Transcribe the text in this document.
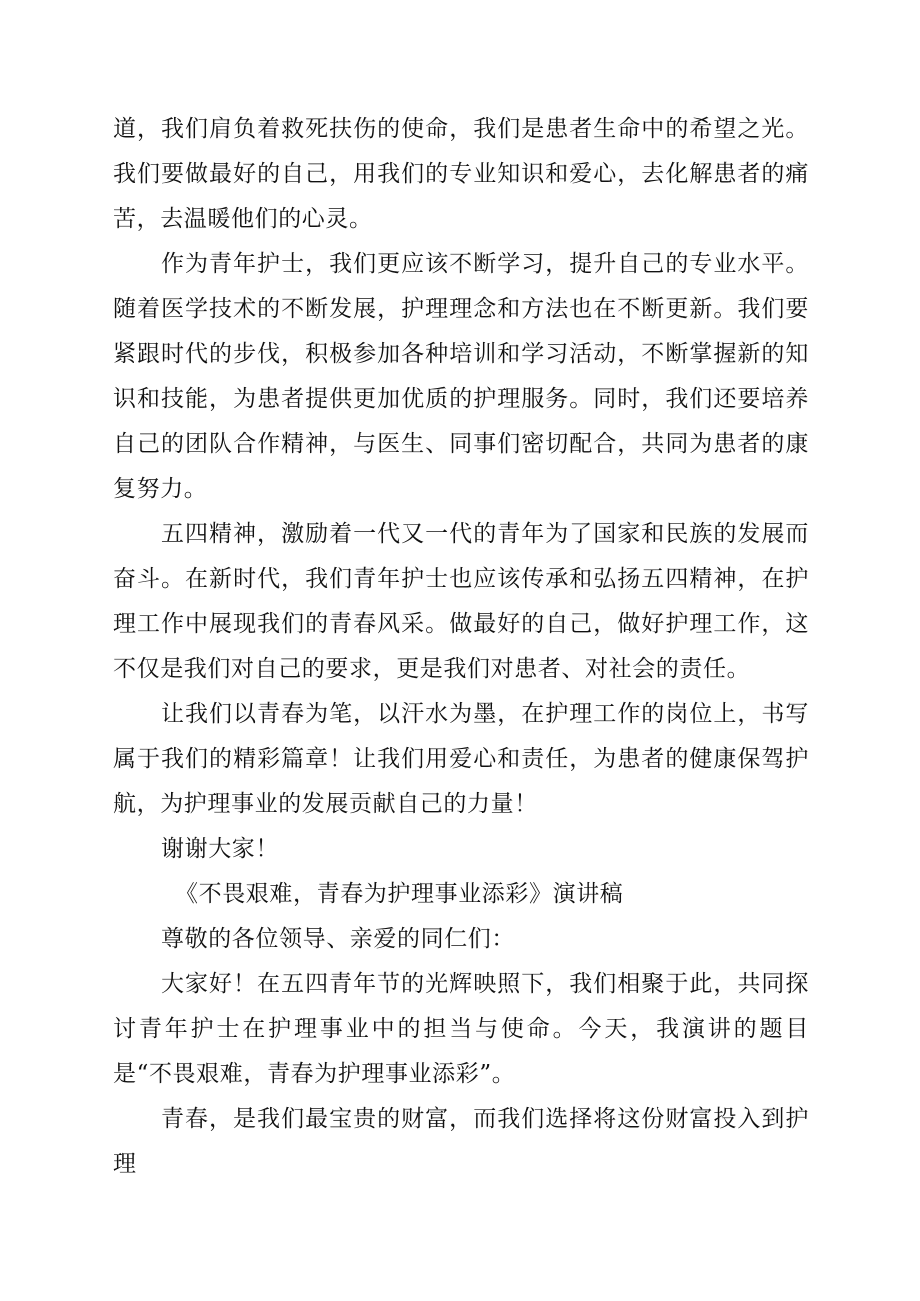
道，我们肩负着救死扶伤的使命，我们是患者生命中的希望之光。我们要做最好的自己，用我们的专业知识和爱心，去化解患者的痛苦，去温暖他们的心灵。

作为青年护士，我们更应该不断学习，提升自己的专业水平。随着医学技术的不断发展，护理理念和方法也在不断更新。我们要紧跟时代的步伐，积极参加各种培训和学习活动，不断掌握新的知识和技能，为患者提供更加优质的护理服务。同时，我们还要培养自己的团队合作精神，与医生、同事们密切配合，共同为患者的康复努力。

五四精神，激励着一代又一代的青年为了国家和民族的发展而奋斗。在新时代，我们青年护士也应该传承和弘扬五四精神，在护理工作中展现我们的青春风采。做最好的自己，做好护理工作，这不仅是我们对自己的要求，更是我们对患者、对社会的责任。

让我们以青春为笔，以汗水为墨，在护理工作的岗位上，书写属于我们的精彩篇章！让我们用爱心和责任，为患者的健康保驾护航，为护理事业的发展贡献自己的力量！

谢谢大家！

《不畏艰难，青春为护理事业添彩》演讲稿

尊敬的各位领导、亲爱的同仁们：

大家好！在五四青年节的光辉映照下，我们相聚于此，共同探讨青年护士在护理事业中的担当与使命。今天，我演讲的题目是“不畏艰难，青春为护理事业添彩”。

青春，是我们最宝贵的财富，而我们选择将这份财富投入到护理
